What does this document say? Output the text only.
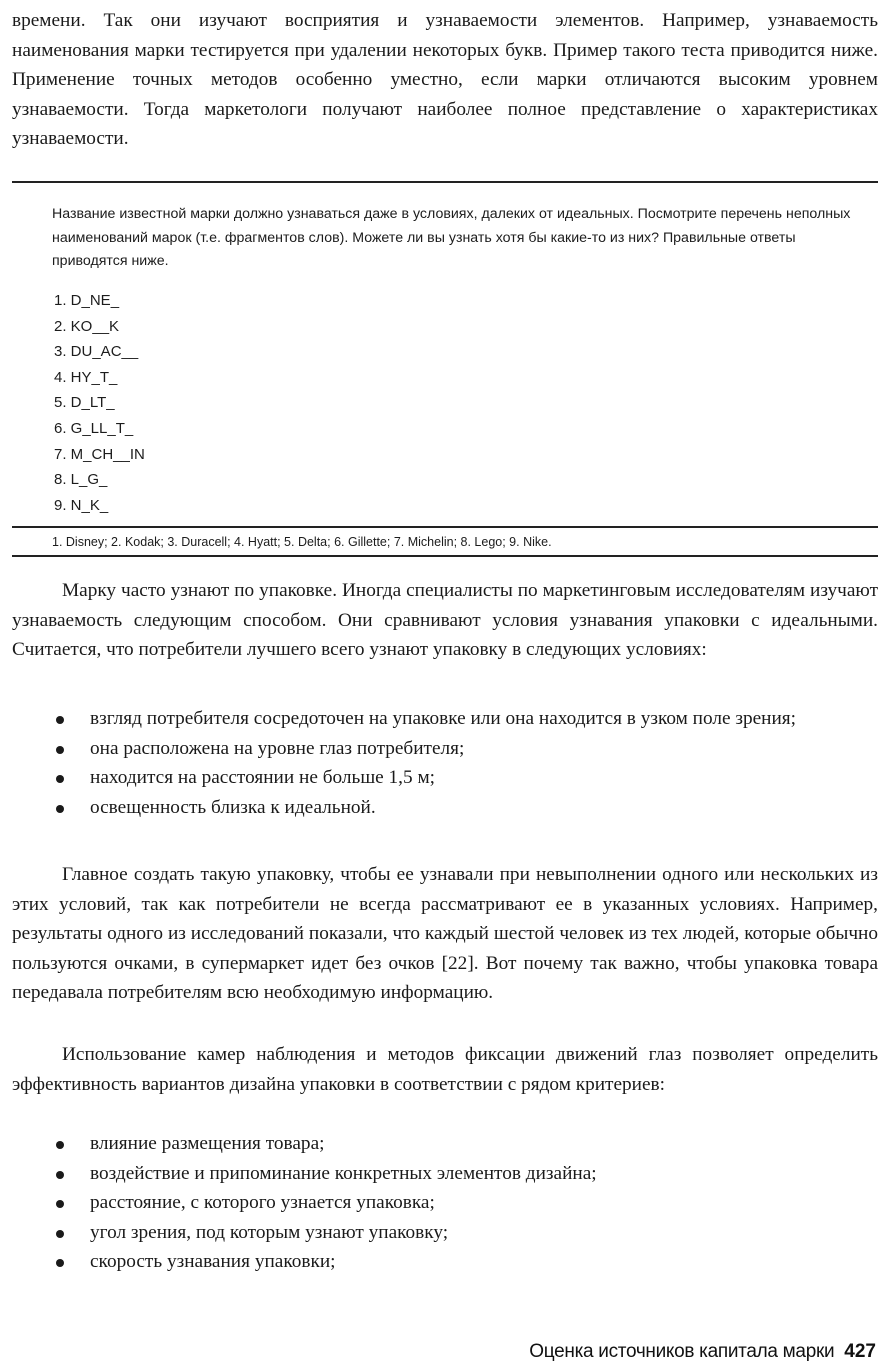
времени. Так они изучают восприятия и узнаваемости элементов. Например, узнаваемость наименования марки тестируется при удалении некоторых букв. Пример такого теста приводится ниже. Применение точных методов особенно уместно, если марки отличаются высоким уровнем узнаваемости. Тогда маркетологи получают наиболее полное представление о характеристиках узнаваемости.

Название известной марки должно узнаваться даже в условиях, далеких от идеальных. Посмотрите перечень неполных наименований марок (т.е. фрагментов слов). Можете ли вы узнать хотя бы какие-то из них? Правильные ответы приводятся ниже.

1. D_NE_
2. KO__K
3. DU_AC__
4. HY_T_
5. D_LT_
6. G_LL_T_
7. M_CH__IN
8. L_G_
9. N_K_

1. Disney; 2. Kodak; 3. Duracell; 4. Hyatt; 5. Delta; 6. Gillette; 7. Michelin; 8. Lego; 9. Nike.

Марку часто узнают по упаковке. Иногда специалисты по маркетинговым исследователям изучают узнаваемость следующим способом. Они сравнивают условия узнавания упаковки с идеальными. Считается, что потребители лучшего всего узнают упаковку в следующих условиях:

взгляд потребителя сосредоточен на упаковке или она находится в узком поле зрения;
она расположена на уровне глаз потребителя;
находится на расстоянии не больше 1,5 м;
освещенность близка к идеальной.

Главное создать такую упаковку, чтобы ее узнавали при невыполнении одного или нескольких из этих условий, так как потребители не всегда рассматривают ее в указанных условиях. Например, результаты одного из исследований показали, что каждый шестой человек из тех людей, которые обычно пользуются очками, в супермаркет идет без очков [22]. Вот почему так важно, чтобы упаковка товара передавала потребителям всю необходимую информацию.

Использование камер наблюдения и методов фиксации движений глаз позволяет определить эффективность вариантов дизайна упаковки в соответствии с рядом критериев:

влияние размещения товара;
воздействие и припоминание конкретных элементов дизайна;
расстояние, с которого узнается упаковка;
угол зрения, под которым узнают упаковку;
скорость узнавания упаковки;
Оценка источников капитала марки 427
